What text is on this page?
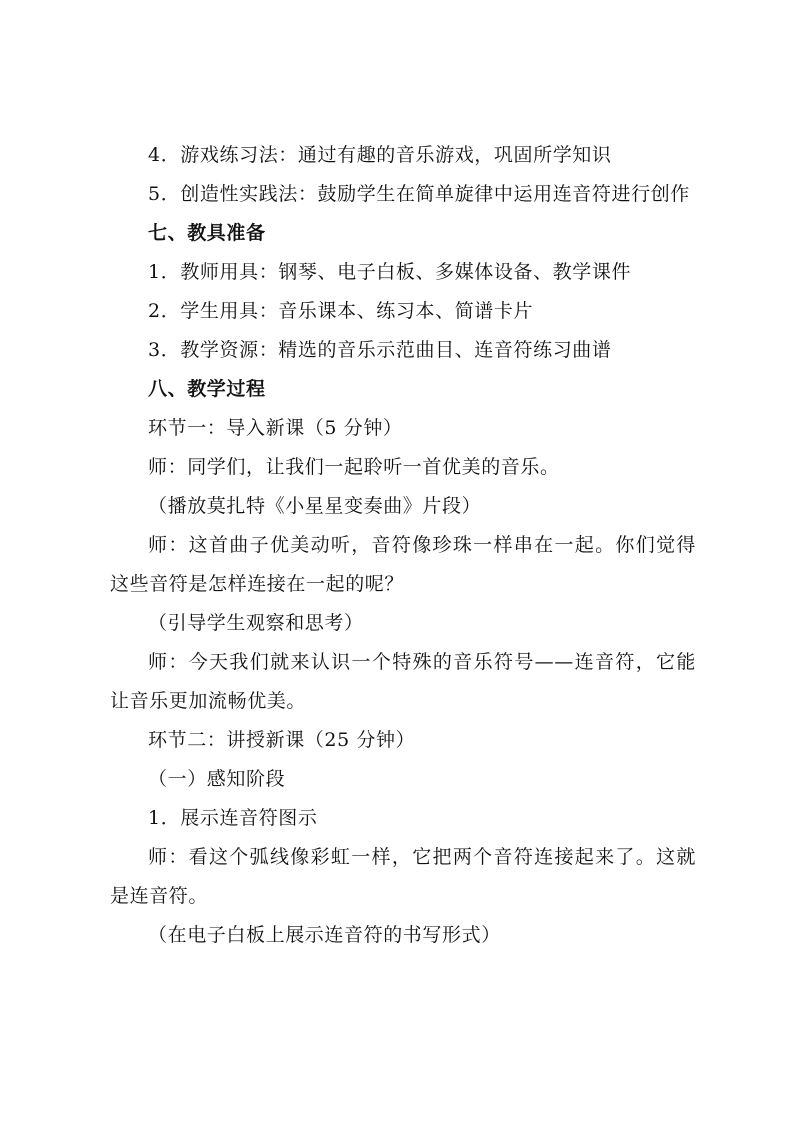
4．游戏练习法：通过有趣的音乐游戏，巩固所学知识

5．创造性实践法：鼓励学生在简单旋律中运用连音符进行创作

七、教具准备

1．教师用具：钢琴、电子白板、多媒体设备、教学课件

2．学生用具：音乐课本、练习本、简谱卡片

3．教学资源：精选的音乐示范曲目、连音符练习曲谱

八、教学过程

环节一：导入新课（5 分钟）

师：同学们，让我们一起聆听一首优美的音乐。

（播放莫扎特《小星星变奏曲》片段）

师：这首曲子优美动听，音符像珍珠一样串在一起。你们觉得这些音符是怎样连接在一起的呢？

（引导学生观察和思考）

师：今天我们就来认识一个特殊的音乐符号——连音符，它能让音乐更加流畅优美。

环节二：讲授新课（25 分钟）

（一）感知阶段

1．展示连音符图示

师：看这个弧线像彩虹一样，它把两个音符连接起来了。这就是连音符。

（在电子白板上展示连音符的书写形式）
